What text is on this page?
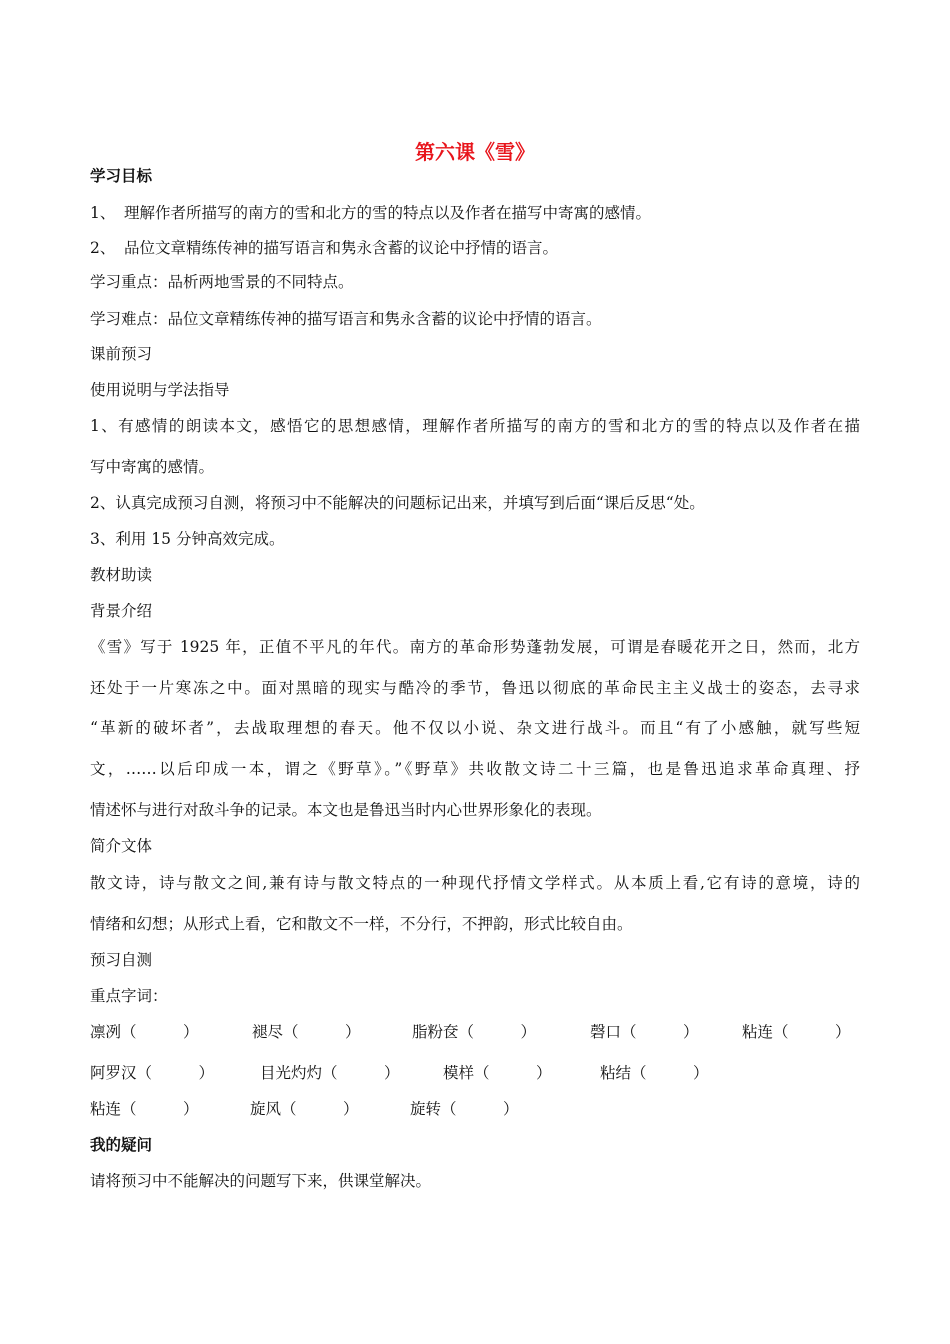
第六课《雪》
学习目标
1、 理解作者所描写的南方的雪和北方的雪的特点以及作者在描写中寄寓的感情。
2、 品位文章精练传神的描写语言和隽永含蓄的议论中抒情的语言。
学习重点：品析两地雪景的不同特点。
学习难点：品位文章精练传神的描写语言和隽永含蓄的议论中抒情的语言。
课前预习
使用说明与学法指导
1、有感情的朗读本文，感悟它的思想感情，理解作者所描写的南方的雪和北方的雪的特点以及作者在描
写中寄寓的感情。
2、认真完成预习自测，将预习中不能解决的问题标记出来，并填写到后面“课后反思“处。
3、利用 15 分钟高效完成。
教材助读
背景介绍
《雪》写于 1925 年，正值不平凡的年代。南方的革命形势蓬勃发展，可谓是春暖花开之日，然而，北方
还处于一片寒冻之中。面对黑暗的现实与酷冷的季节，鲁迅以彻底的革命民主主义战士的姿态，去寻求
“革新的破坏者”，去战取理想的春天。他不仅以小说、杂文进行战斗。而且“有了小感触，就写些短
文，……以后印成一本，谓之《野草》。”《野草》共收散文诗二十三篇，也是鲁迅追求革命真理、抒
情述怀与进行对敌斗争的记录。本文也是鲁迅当时内心世界形象化的表现。
简介文体
散文诗，诗与散文之间,兼有诗与散文特点的一种现代抒情文学样式。从本质上看,它有诗的意境，诗的
情绪和幻想；从形式上看，它和散文不一样，不分行，不押韵，形式比较自由。
预习自测
重点字词：
凛冽（　　　）	褪尽（　　　）	脂粉奁（　　　）	磬口（　　　）	粘连（　　　）
阿罗汉（　　　）	目光灼灼（　　　）	模样（　　　）	粘结（　　　）
粘连（　　　）	旋风（　　　）	旋转（　　　）
我的疑问
请将预习中不能解决的问题写下来，供课堂解决。
